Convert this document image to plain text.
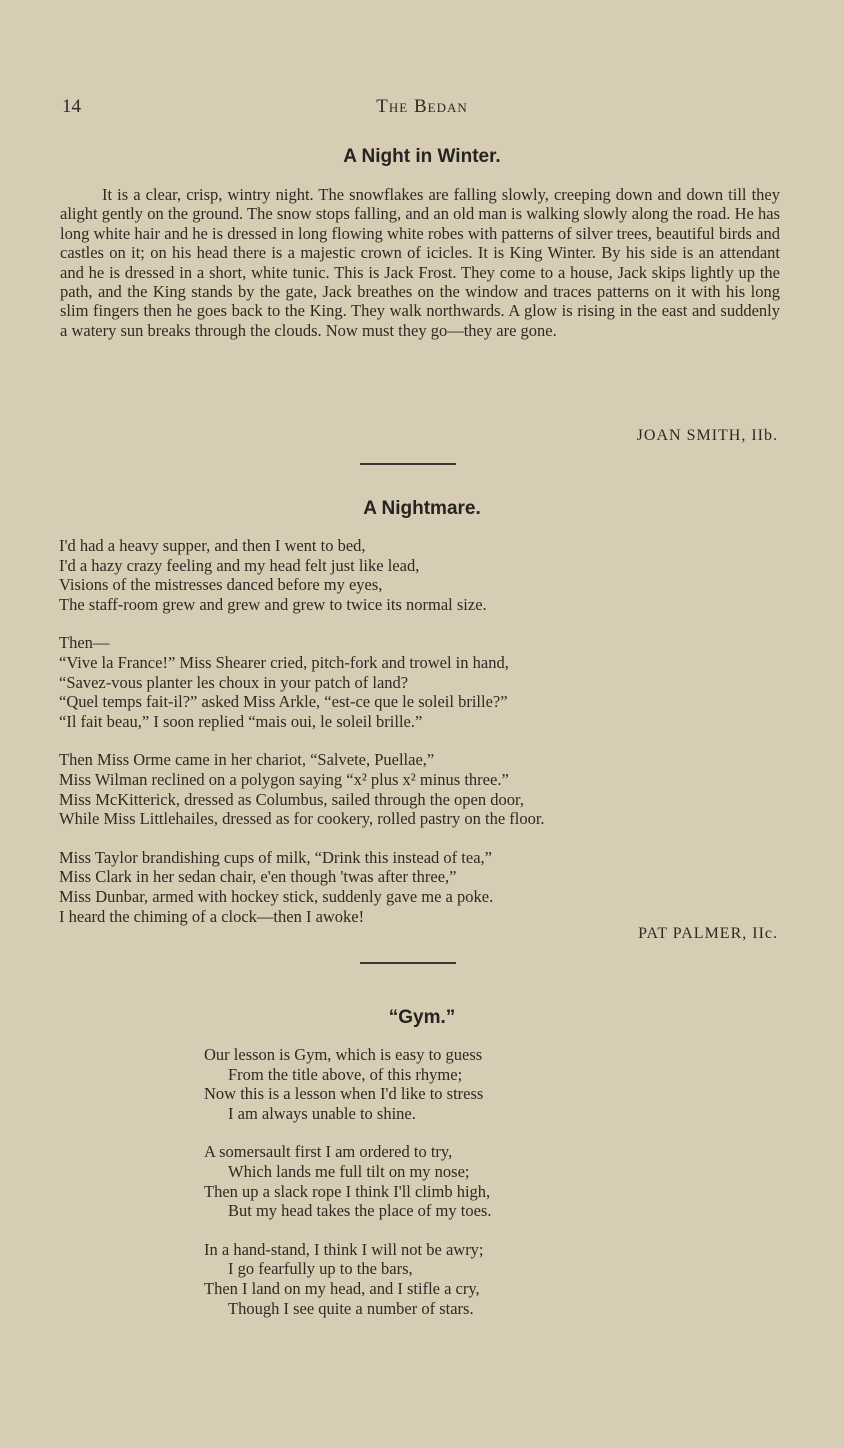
14	The Bedan
A Night in Winter.

It is a clear, crisp, wintry night. The snowflakes are falling slowly, creeping down and down till they alight gently on the ground. The snow stops falling, and an old man is walking slowly along the road. He has long white hair and he is dressed in long flowing white robes with patterns of silver trees, beautiful birds and castles on it; on his head there is a majestic crown of icicles. It is King Winter. By his side is an attendant and he is dressed in a short, white tunic. This is Jack Frost. They come to a house, Jack skips lightly up the path, and the King stands by the gate, Jack breathes on the window and traces patterns on it with his long slim fingers then he goes back to the King. They walk northwards. A glow is rising in the east and suddenly a watery sun breaks through the clouds. Now must they go—they are gone.

JOAN SMITH, IIb.
A Nightmare.
I'd had a heavy supper, and then I went to bed,
I'd a hazy crazy feeling and my head felt just like lead,
Visions of the mistresses danced before my eyes,
The staff-room grew and grew and grew to twice its normal size.
Then—
“Vive la France!” Miss Shearer cried, pitch-fork and trowel in hand,
“Savez-vous planter les choux in your patch of land?
“Quel temps fait-il?” asked Miss Arkle, “est-ce que le soleil brille?”
“Il fait beau,” I soon replied “mais oui, le soleil brille.”
Then Miss Orme came in her chariot, “Salvete, Puellae,”
Miss Wilman reclined on a polygon saying “x² plus x² minus three.”
Miss McKitterick, dressed as Columbus, sailed through the open door,
While Miss Littlehailes, dressed as for cookery, rolled pastry on the floor.
Miss Taylor brandishing cups of milk, “Drink this instead of tea,”
Miss Clark in her sedan chair, e'en though 'twas after three,”
Miss Dunbar, armed with hockey stick, suddenly gave me a poke.
I heard the chiming of a clock—then I awoke!
PAT PALMER, IIc.
“Gym.”
Our lesson is Gym, which is easy to guess
From the title above, of this rhyme;
Now this is a lesson when I'd like to stress
I am always unable to shine.
A somersault first I am ordered to try,
Which lands me full tilt on my nose;
Then up a slack rope I think I'll climb high,
But my head takes the place of my toes.
In a hand-stand, I think I will not be awry;
I go fearfully up to the bars,
Then I land on my head, and I stifle a cry,
Though I see quite a number of stars.
